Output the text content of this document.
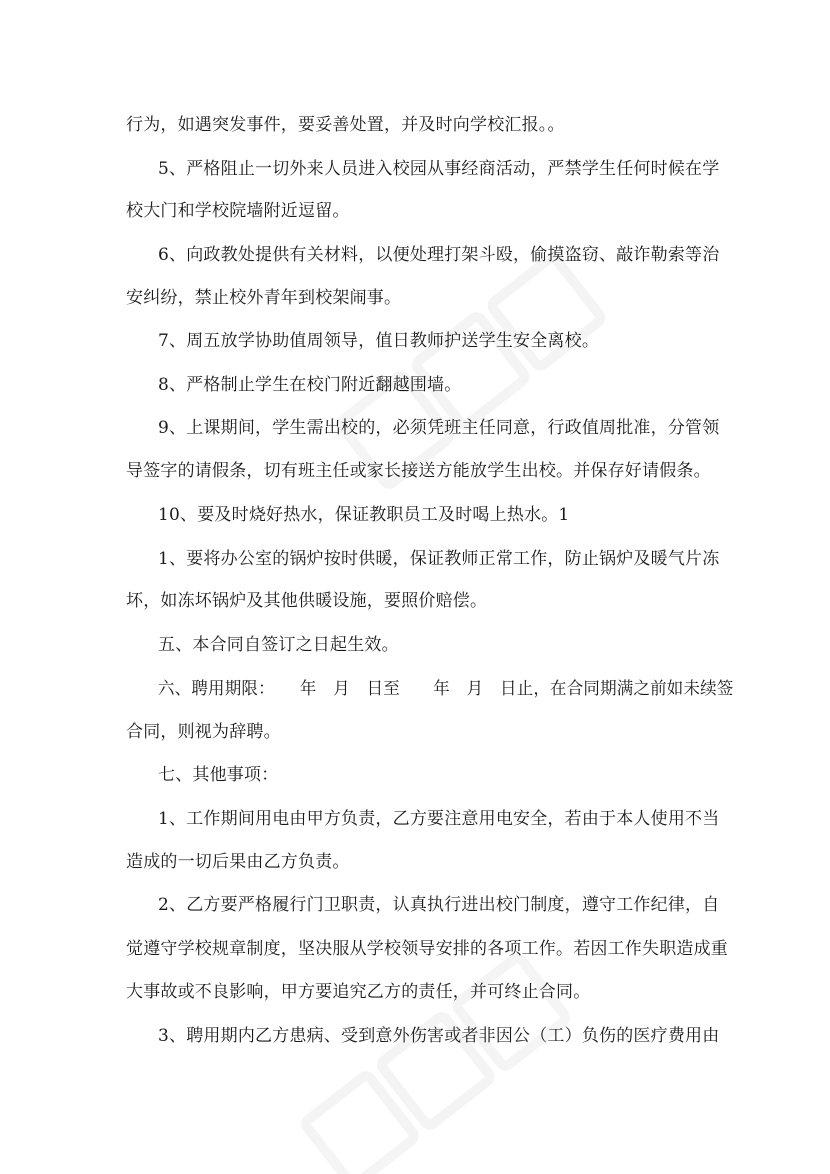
行为，如遇突发事件，要妥善处置，并及时向学校汇报。。
5、严格阻止一切外来人员进入校园从事经商活动，严禁学生任何时候在学
校大门和学校院墙附近逗留。
6、向政教处提供有关材料，以便处理打架斗殴，偷摸盗窃、敲诈勒索等治
安纠纷，禁止校外青年到校架闹事。
7、周五放学协助值周领导，值日教师护送学生安全离校。
8、严格制止学生在校门附近翻越围墙。
9、上课期间，学生需出校的，必须凭班主任同意，行政值周批准，分管领
导签字的请假条，切有班主任或家长接送方能放学生出校。并保存好请假条。
10、要及时烧好热水，保证教职员工及时喝上热水。1
1、要将办公室的锅炉按时供暖，保证教师正常工作，防止锅炉及暖气片冻
坏，如冻坏锅炉及其他供暖设施，要照价赔偿。
五、本合同自签订之日起生效。
六、聘用期限：　　年　月　日至　　年　月　日止，在合同期满之前如未续签
合同，则视为辞聘。
七、其他事项：
1、工作期间用电由甲方负责，乙方要注意用电安全，若由于本人使用不当
造成的一切后果由乙方负责。
2、乙方要严格履行门卫职责，认真执行进出校门制度，遵守工作纪律，自
觉遵守学校规章制度，坚决服从学校领导安排的各项工作。若因工作失职造成重
大事故或不良影响，甲方要追究乙方的责任，并可终止合同。
3、聘用期内乙方患病、受到意外伤害或者非因公（工）负伤的医疗费用由
